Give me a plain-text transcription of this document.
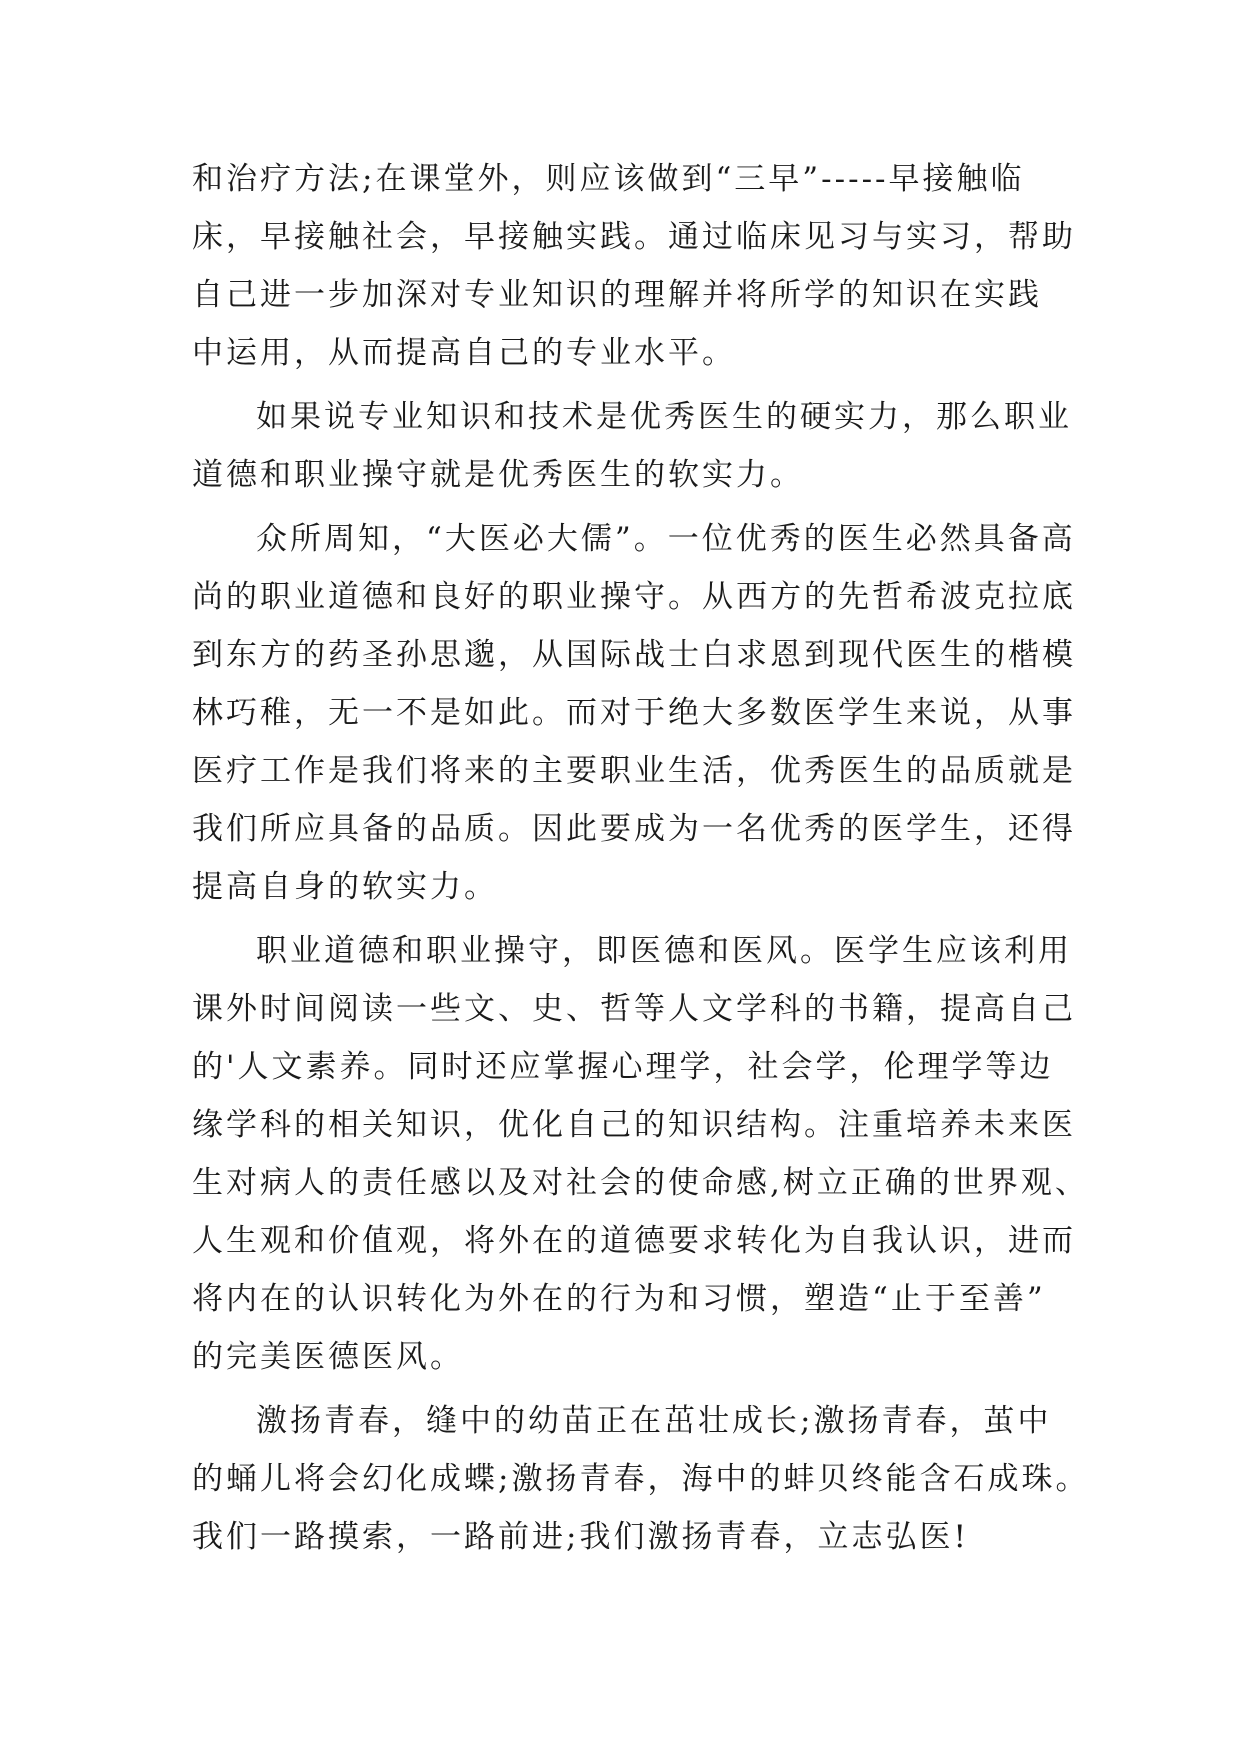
和治疗方法;在课堂外，则应该做到“三早”-----早接触临
床，早接触社会，早接触实践。通过临床见习与实习，帮助
自己进一步加深对专业知识的理解并将所学的知识在实践
中运用，从而提高自己的专业水平。
如果说专业知识和技术是优秀医生的硬实力，那么职业
道德和职业操守就是优秀医生的软实力。
众所周知，“大医必大儒”。一位优秀的医生必然具备高
尚的职业道德和良好的职业操守。从西方的先哲希波克拉底
到东方的药圣孙思邈，从国际战士白求恩到现代医生的楷模
林巧稚，无一不是如此。而对于绝大多数医学生来说，从事
医疗工作是我们将来的主要职业生活，优秀医生的品质就是
我们所应具备的品质。因此要成为一名优秀的医学生，还得
提高自身的软实力。
职业道德和职业操守，即医德和医风。医学生应该利用
课外时间阅读一些文、史、哲等人文学科的书籍，提高自己
的'人文素养。同时还应掌握心理学，社会学，伦理学等边
缘学科的相关知识，优化自己的知识结构。注重培养未来医
生对病人的责任感以及对社会的使命感,树立正确的世界观、
人生观和价值观，将外在的道德要求转化为自我认识，进而
将内在的认识转化为外在的行为和习惯，塑造“止于至善”
的完美医德医风。
激扬青春，缝中的幼苗正在茁壮成长;激扬青春，茧中
的蛹儿将会幻化成蝶;激扬青春，海中的蚌贝终能含石成珠。
我们一路摸索，一路前进;我们激扬青春，立志弘医!
